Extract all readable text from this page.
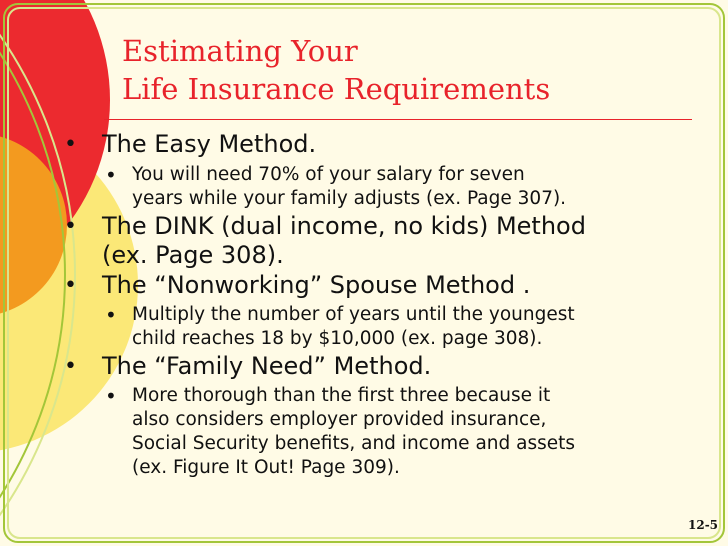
Estimating Your
Life Insurance Requirements
• The Easy Method.
• You will need 70% of your salary for seven
years while your family adjusts (ex. Page 307).
• The DINK (dual income, no kids) Method
(ex. Page 308).
• The “Nonworking” Spouse Method .
• Multiply the number of years until the youngest
child reaches 18 by $10,000 (ex. page 308).
• The “Family Need” Method.
• More thorough than the first three because it
also considers employer provided insurance,
Social Security benefits, and income and assets
(ex. Figure It Out! Page 309).
12-5
